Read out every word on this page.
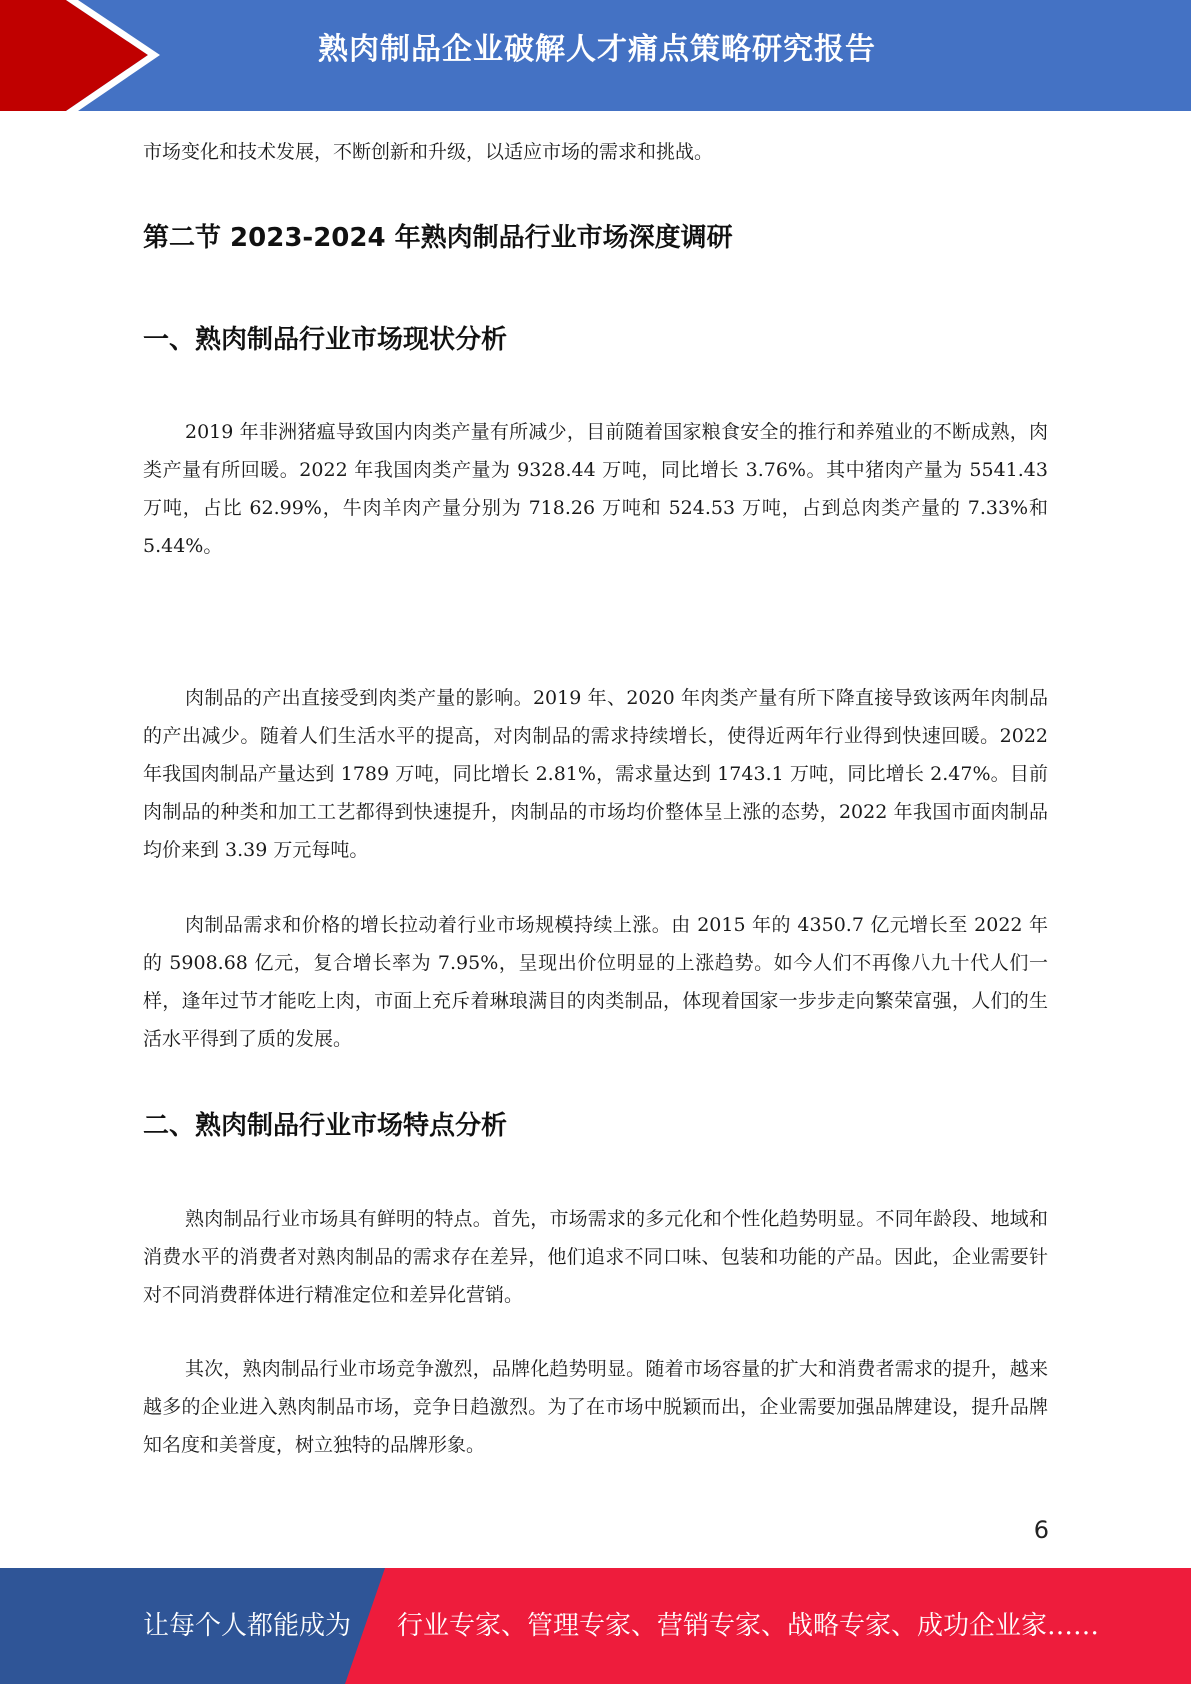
熟肉制品企业破解人才痛点策略研究报告

市场变化和技术发展，不断创新和升级，以适应市场的需求和挑战。

第二节 2023-2024 年熟肉制品行业市场深度调研
一、熟肉制品行业市场现状分析

2019 年非洲猪瘟导致国内肉类产量有所减少，目前随着国家粮食安全的推行和养殖业的不断成熟，肉类产量有所回暖。2022 年我国肉类产量为 9328.44 万吨，同比增长 3.76%。其中猪肉产量为 5541.43 万吨，占比 62.99%，牛肉羊肉产量分别为 718.26 万吨和 524.53 万吨，占到总肉类产量的 7.33%和 5.44%。

肉制品的产出直接受到肉类产量的影响。2019 年、2020 年肉类产量有所下降直接导致该两年肉制品的产出减少。随着人们生活水平的提高，对肉制品的需求持续增长，使得近两年行业得到快速回暖。2022 年我国肉制品产量达到 1789 万吨，同比增长 2.81%，需求量达到 1743.1 万吨，同比增长 2.47%。目前肉制品的种类和加工工艺都得到快速提升，肉制品的市场均价整体呈上涨的态势，2022 年我国市面肉制品均价来到 3.39 万元每吨。

肉制品需求和价格的增长拉动着行业市场规模持续上涨。由 2015 年的 4350.7 亿元增长至 2022 年的 5908.68 亿元，复合增长率为 7.95%，呈现出价位明显的上涨趋势。如今人们不再像八九十代人们一样，逢年过节才能吃上肉，市面上充斥着琳琅满目的肉类制品，体现着国家一步步走向繁荣富强，人们的生活水平得到了质的发展。

二、熟肉制品行业市场特点分析

熟肉制品行业市场具有鲜明的特点。首先，市场需求的多元化和个性化趋势明显。不同年龄段、地域和消费水平的消费者对熟肉制品的需求存在差异，他们追求不同口味、包装和功能的产品。因此，企业需要针对不同消费群体进行精准定位和差异化营销。

其次，熟肉制品行业市场竞争激烈，品牌化趋势明显。随着市场容量的扩大和消费者需求的提升，越来越多的企业进入熟肉制品市场，竞争日趋激烈。为了在市场中脱颖而出，企业需要加强品牌建设，提升品牌知名度和美誉度，树立独特的品牌形象。

6
让每个人都能成为 行业专家、管理专家、营销专家、战略专家、成功企业家……
